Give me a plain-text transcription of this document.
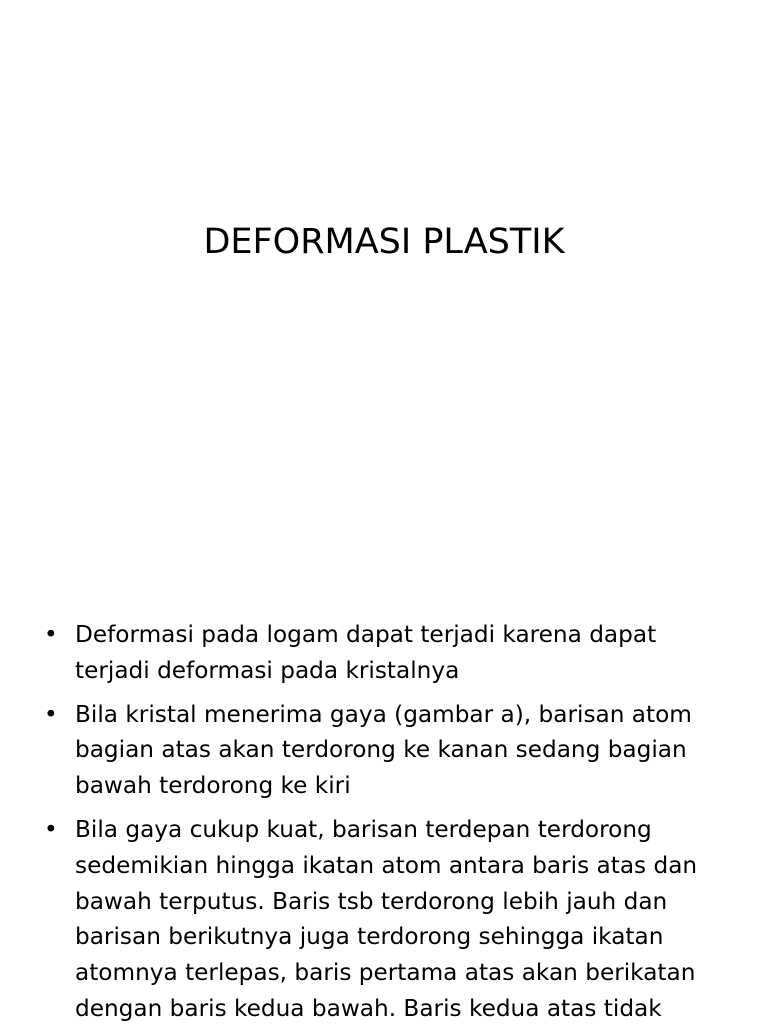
DEFORMASI PLASTIK
• Deformasi pada logam dapat terjadi karena dapat
terjadi deformasi pada kristalnya
• Bila kristal menerima gaya (gambar a), barisan atom
bagian atas akan terdorong ke kanan sedang bagian
bawah terdorong ke kiri
• Bila gaya cukup kuat, barisan terdepan terdorong
sedemikian hingga ikatan atom antara baris atas dan
bawah terputus. Baris tsb terdorong lebih jauh dan
barisan berikutnya juga terdorong sehingga ikatan
atomnya terlepas, baris pertama atas akan berikatan
dengan baris kedua bawah. Baris kedua atas tidak
